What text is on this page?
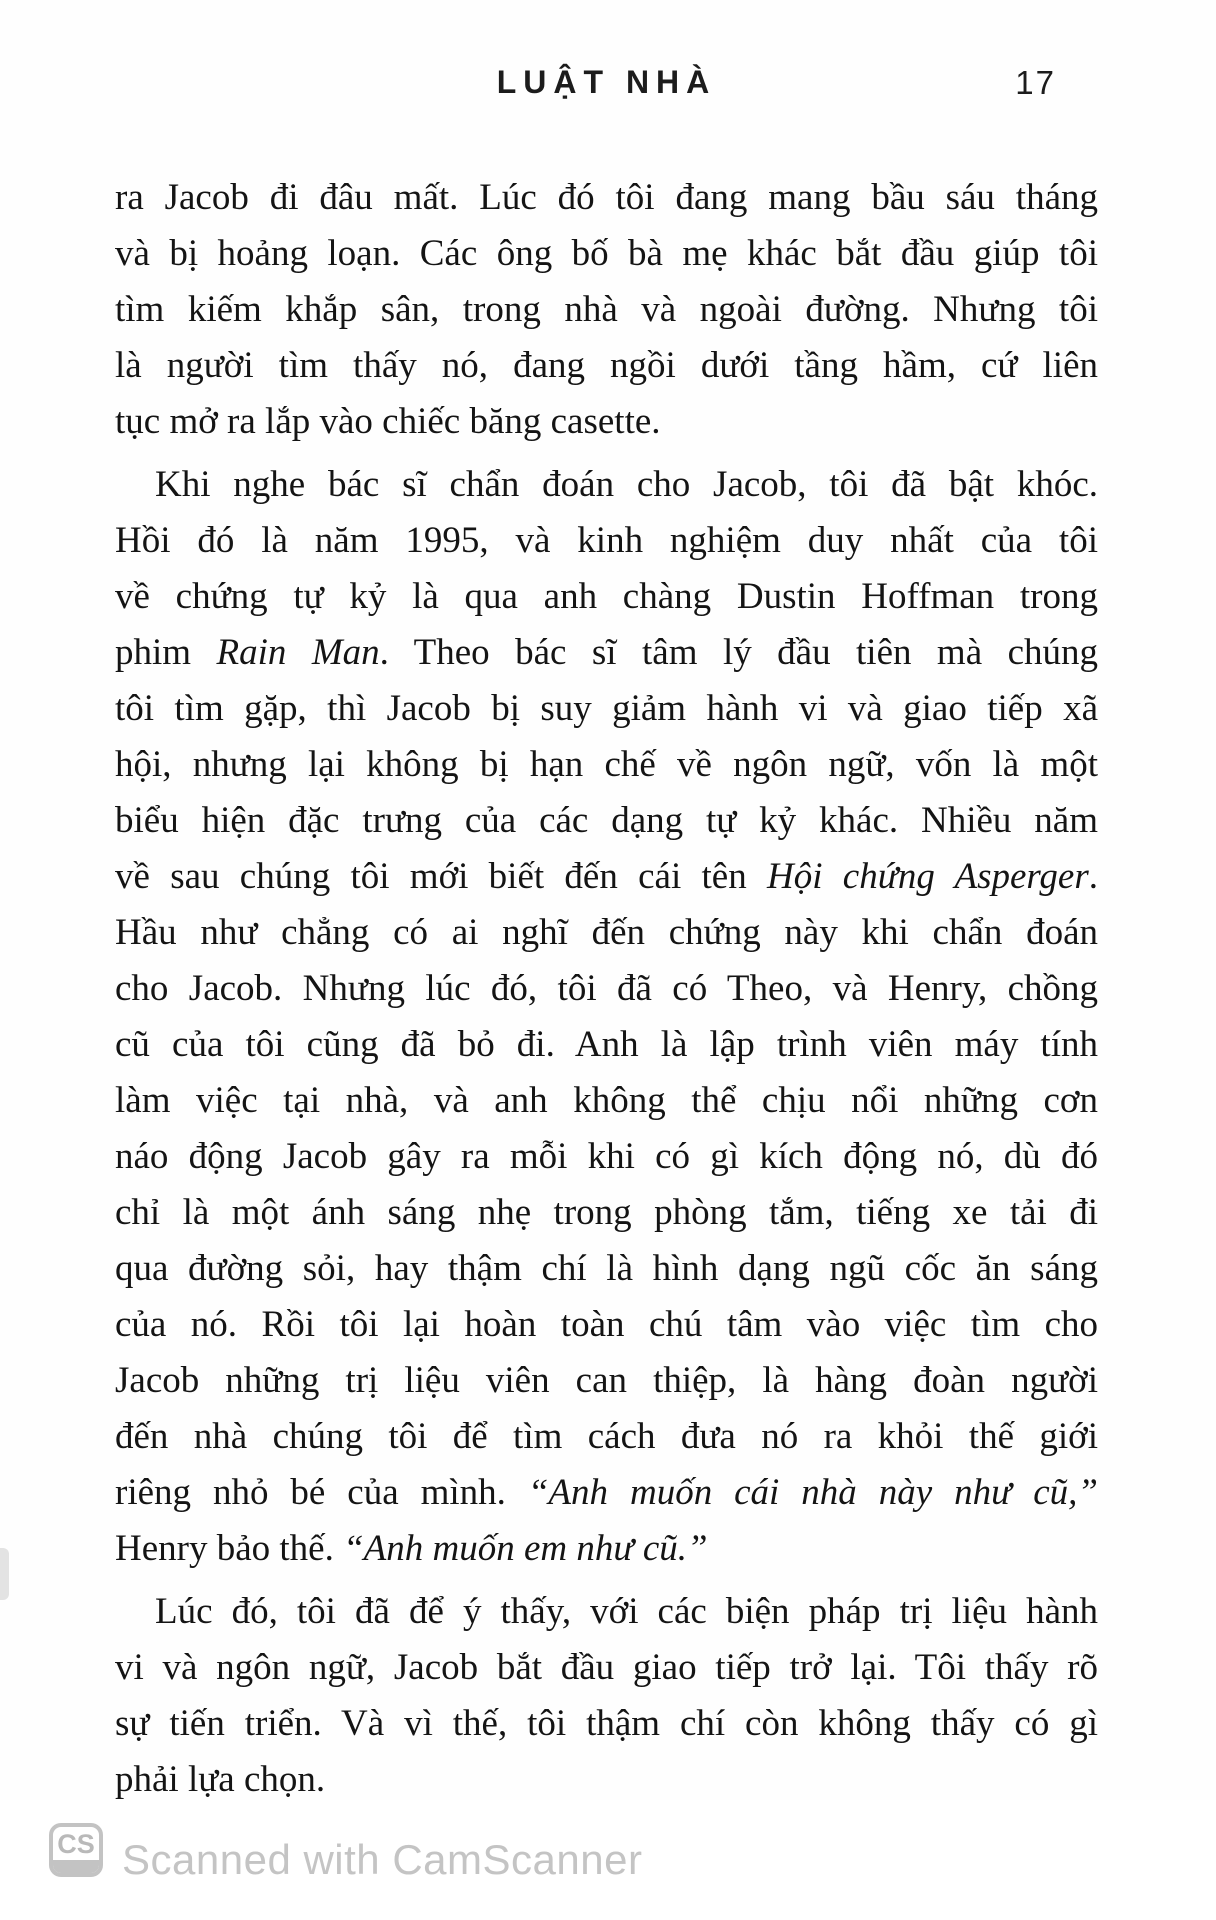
LUẬT NHÀ	17
ra Jacob đi đâu mất. Lúc đó tôi đang mang bầu sáu tháng
và bị hoảng loạn. Các ông bố bà mẹ khác bắt đầu giúp tôi
tìm kiếm khắp sân, trong nhà và ngoài đường. Nhưng tôi
là người tìm thấy nó, đang ngồi dưới tầng hầm, cứ liên
tục mở ra lắp vào chiếc băng casette.
Khi nghe bác sĩ chẩn đoán cho Jacob, tôi đã bật khóc.
Hồi đó là năm 1995, và kinh nghiệm duy nhất của tôi
về chứng tự kỷ là qua anh chàng Dustin Hoffman trong
phim Rain Man. Theo bác sĩ tâm lý đầu tiên mà chúng
tôi tìm gặp, thì Jacob bị suy giảm hành vi và giao tiếp xã
hội, nhưng lại không bị hạn chế về ngôn ngữ, vốn là một
biểu hiện đặc trưng của các dạng tự kỷ khác. Nhiều năm
về sau chúng tôi mới biết đến cái tên Hội chứng Asperger.
Hầu như chẳng có ai nghĩ đến chứng này khi chẩn đoán
cho Jacob. Nhưng lúc đó, tôi đã có Theo, và Henry, chồng
cũ của tôi cũng đã bỏ đi. Anh là lập trình viên máy tính
làm việc tại nhà, và anh không thể chịu nổi những cơn
náo động Jacob gây ra mỗi khi có gì kích động nó, dù đó
chỉ là một ánh sáng nhẹ trong phòng tắm, tiếng xe tải đi
qua đường sỏi, hay thậm chí là hình dạng ngũ cốc ăn sáng
của nó. Rồi tôi lại hoàn toàn chú tâm vào việc tìm cho
Jacob những trị liệu viên can thiệp, là hàng đoàn người
đến nhà chúng tôi để tìm cách đưa nó ra khỏi thế giới
riêng nhỏ bé của mình. “Anh muốn cái nhà này như cũ,”
Henry bảo thế. “Anh muốn em như cũ.”
Lúc đó, tôi đã để ý thấy, với các biện pháp trị liệu hành
vi và ngôn ngữ, Jacob bắt đầu giao tiếp trở lại. Tôi thấy rõ
sự tiến triển. Và vì thế, tôi thậm chí còn không thấy có gì
phải lựa chọn.
CS Scanned with CamScanner
